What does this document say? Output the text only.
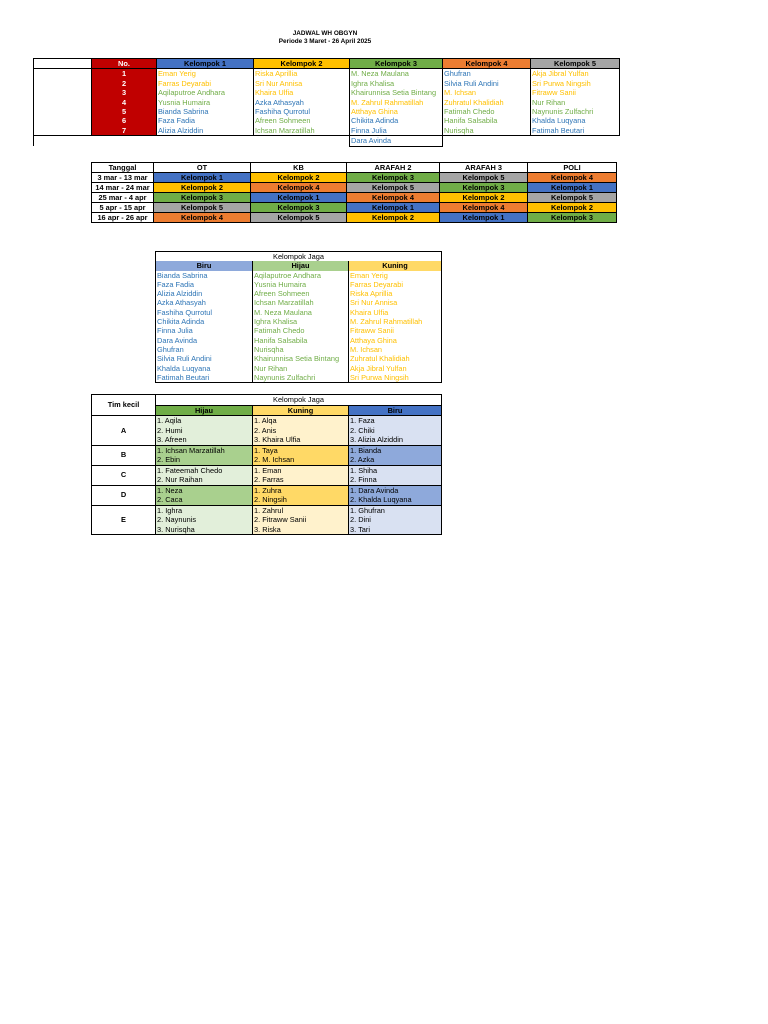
JADWAL WH OBGYN
Periode 3 Maret - 26 April 2025
	No.	Kelompok 1	Kelompok 2	Kelompok 3	Kelompok 4	Kelompok 5
	1	Eman Yerig	Riska Aprillia	M. Neza Maulana	Ghufran	Akja Jibral Yulfan
	2	Farras Deyarabi	Sri Nur Annisa	Ighra Khalisa	Silvia Ruli Andini	Sri Purwa Ningsih
	3	Aqilaputroe Andhara	Khaira Ulfia	Khairunnisa Setia Bintang	M. Ichsan	Fitraww Sanii
	4	Yusnia Humaira	Azka Athasyah	M. Zahrul Rahmatillah	Zuhratul Khalidiah	Nur Rihan
	5	Bianda Sabrina	Fashiha Qurrotul	Atthaya Ghina	Fatimah Chedo	Naynunis Zulfachri
	6	Faza Fadia	Afreen Sohmeen	Chikita Adinda	Hanifa Salsabila	Khalda Luqyana
	7	Alizia Alziddin	Ichsan Marzatillah	Finna Julia	Nurisqha	Fatimah Beutari
				Dara Avinda		
Tanggal	OT	KB	ARAFAH 2	ARAFAH 3	POLI
3 mar - 13 mar	Kelompok 1	Kelompok 2	Kelompok 3	Kelompok 5	Kelompok 4
14 mar - 24 mar	Kelompok 2	Kelompok 4	Kelompok 5	Kelompok 3	Kelompok 1
25 mar - 4 apr	Kelompok 3	Kelompok 1	Kelompok 4	Kelompok 2	Kelompok 5
5 apr - 15 apr	Kelompok 5	Kelompok 3	Kelompok 1	Kelompok 4	Kelompok 2
16 apr - 26 apr	Kelompok 4	Kelompok 5	Kelompok 2	Kelompok 1	Kelompok 3
Kelompok Jaga		
Biru	Hijau	Kuning
Bianda Sabrina	Aqilaputroe Andhara	Eman Yerig
Faza Fadia	Yusnia Humaira	Farras Deyarabi
Alizia Alziddin	Afreen Sohmeen	Riska Aprillia
Azka Athasyah	Ichsan Marzatillah	Sri Nur Annisa
Fashiha Qurrotul	M. Neza Maulana	Khaira Ulfia
Chikita Adinda	Ighra Khalisa	M. Zahrul Rahmatillah
Finna Julia	Fatimah Chedo	Fitraww Sanii
Dara Avinda	Hanifa Salsabila	Atthaya Ghina
Ghufran	Nurisqha	M. Ichsan
Silvia Ruli Andini	Khairunnisa Setia Bintang	Zuhratul Khalidiah
Khalda Luqyana	Nur Rihan	Akja Jibral Yulfan
Fatimah Beutari	Naynunis Zulfachri	Sri Purwa Ningsih
Tim kecil	Kelompok Jaga		
	Hijau	Kuning	Biru
A	1. Aqila	1. Alqa	1. Faza
	2. Humi	2. Anis	2. Chiki
	3. Afreen	3. Khaira Ulfia	3. Alizia Alziddin
B	1. Ichsan Marzatillah	1. Taya	1. Bianda
	2. Ebin	2. M. Ichsan	2. Azka
C	1. Fateemah Chedo	1. Eman	1. Shiha
	2. Nur Raihan	2. Farras	2. Finna
D	1. Neza	1. Zuhra	1. Dara Avinda
	2. Caca	2. Ningsih	2. Khalda Luqyana
E	1. Ighra	1. Zahrul	1. Ghufran
	2. Naynunis	2. Fitraww Sanii	2. Dini
	3. Nurisqha	3. Riska	3. Tari
